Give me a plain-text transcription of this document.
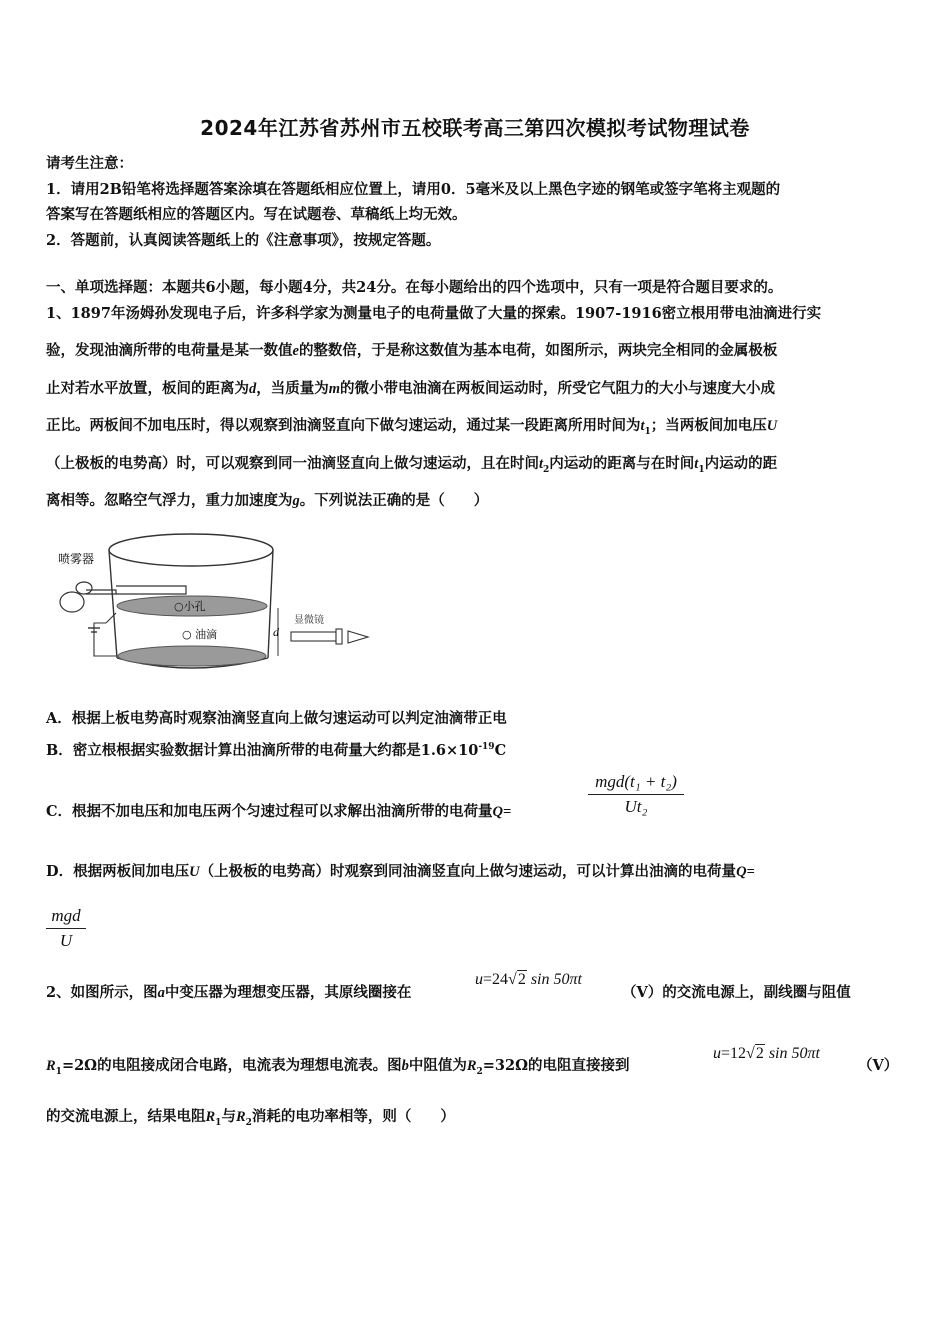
2024年江苏省苏州市五校联考高三第四次模拟考试物理试卷
请考生注意：
1．请用2B铅笔将选择题答案涂填在答题纸相应位置上，请用0．5毫米及以上黑色字迹的钢笔或签字笔将主观题的
答案写在答题纸相应的答题区内。写在试题卷、草稿纸上均无效。
2．答题前，认真阅读答题纸上的《注意事项》，按规定答题。
一、单项选择题：本题共6小题，每小题4分，共24分。在每小题给出的四个选项中，只有一项是符合题目要求的。
1、1897年汤姆孙发现电子后，许多科学家为测量电子的电荷量做了大量的探索。1907-1916密立根用带电油滴进行实
验，发现油滴所带的电荷量是某一数值e的整数倍，于是称这数值为基本电荷，如图所示，两块完全相同的金属极板
止对若水平放置，板间的距离为d，当质量为m的微小带电油滴在两板间运动时，所受它气阻力的大小与速度大小成
正比。两板间不加电压时，得以观察到油滴竖直向下做匀速运动，通过某一段距离所用时间为$t_1$；当两板间加电压U
（上极板的电势高）时，可以观察到同一油滴竖直向上做匀速运动，且在时间$t_2$内运动的距离与在时间$t_1$内运动的距
离相等。忽略空气浮力，重力加速度为g。下列说法正确的是（　　）
喷雾器
○小孔
○ 油滴	d
显微镜
A．根据上板电势高时观察油滴竖直向上做匀速运动可以判定油滴带正电
B．密立根根据实验数据计算出油滴所带的电荷量大约都是$1.6\times 10^{-19}C$
C．根据不加电压和加电压两个匀速过程可以求解出油滴所带的电荷量Q=
mgd(t₁ + t₂)
Ut₂
D．根据两板间加电压U（上极板的电势高）时观察到同油滴竖直向上做匀速运动，可以计算出油滴的电荷量Q=
mgd
U
2、如图所示，图a中变压器为理想变压器，其原线圈接在
u=24√2 sin 50πt
（V）的交流电源上，副线圈与阻值
$R_1=2\Omega$的电阻接成闭合电路，电流表为理想电流表。图b中阻值为$R_2=32\Omega$的电阻直接接到
u=12√2 sin 50πt
（V）
的交流电源上，结果电阻$R_1$与$R_2$消耗的电功率相等，则（　　）
